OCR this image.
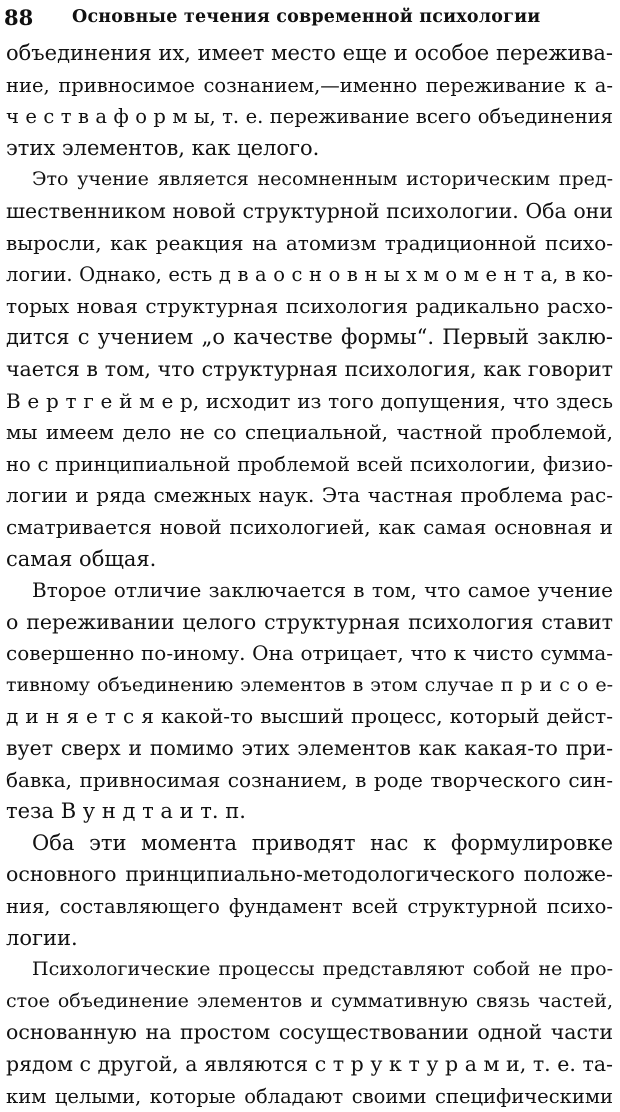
88	Основные течения современной психологии
объединения их, имеет место еще и особое пережива-
ние, привносимое сознанием,—именно переживание к а-
ч е с т в а ф о р м ы, т. е. переживание всего объединения
этих элементов, как целого.
Это учение является несомненным историческим пред-
шественником новой структурной психологии. Оба они
выросли, как реакция на атомизм традиционной психо-
логии. Однако, есть д в а о с н о в н ы х м о м е н т а, в ко-
торых новая структурная психология радикально расхо-
дится с учением „о качестве формы“. Первый заклю-
чается в том, что структурная психология, как говорит
В е р т г е й м е р, исходит из того допущения, что здесь
мы имеем дело не со специальной, частной проблемой,
но с принципиальной проблемой всей психологии, физио-
логии и ряда смежных наук. Эта частная проблема рас-
сматривается новой психологией, как самая основная и
самая общая.
Второе отличие заключается в том, что самое учение
о переживании целого структурная психология ставит
совершенно по-иному. Она отрицает, что к чисто сумма-
тивному объединению элементов в этом случае п р и с о е-
д и н я е т с я какой-то высший процесс, который дейст-
вует сверх и помимо этих элементов как какая-то при-
бавка, привносимая сознанием, в роде творческого син-
теза В у н д т а и т. п.
Оба эти момента приводят нас к формулировке
основного принципиально-методологического положе-
ния, составляющего фундамент всей структурной психо-
логии.
Психологические процессы представляют собой не про-
стое объединение элементов и суммативную связь частей,
основанную на простом сосуществовании одной части
рядом с другой, а являются с т р у к т у р а м и, т. е. та-
ким целыми, которые обладают своими специфическими
